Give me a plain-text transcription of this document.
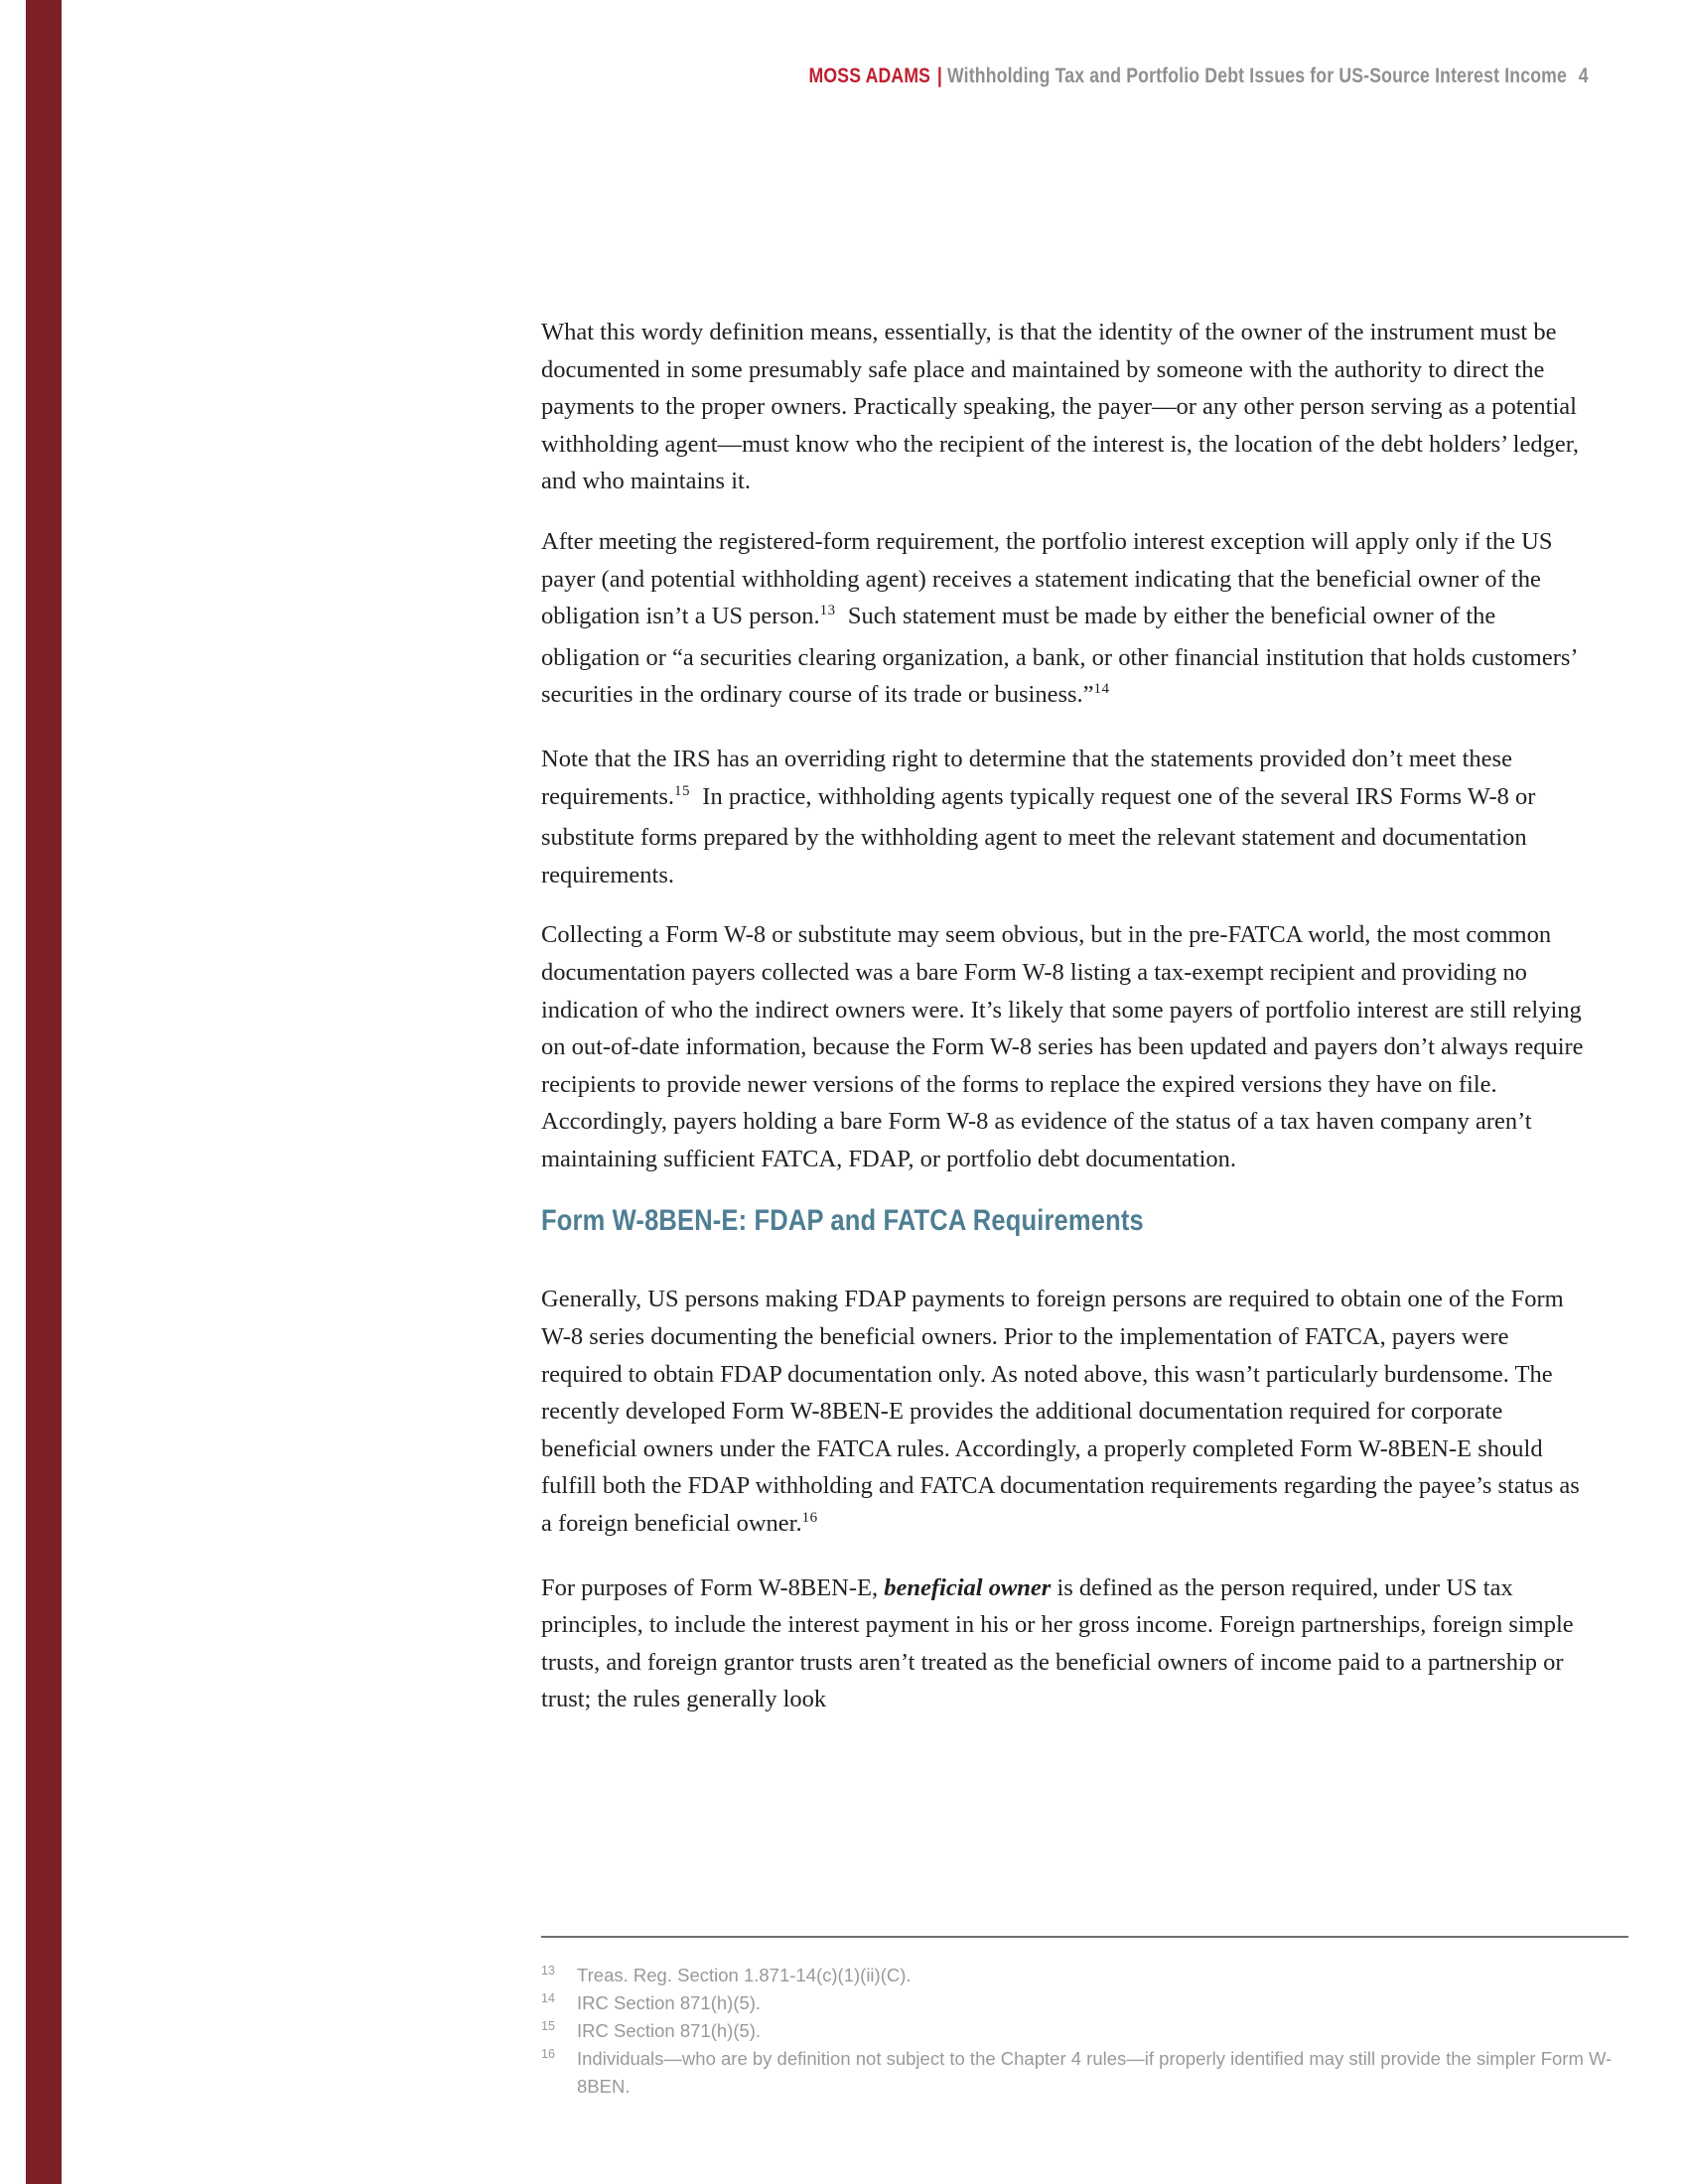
MOSS ADAMS | Withholding Tax and Portfolio Debt Issues for US-Source Interest Income 4
What this wordy definition means, essentially, is that the identity of the owner of the instrument must be documented in some presumably safe place and maintained by someone with the authority to direct the payments to the proper owners. Practically speaking, the payer—or any other person serving as a potential withholding agent—must know who the recipient of the interest is, the location of the debt holders’ ledger, and who maintains it.
After meeting the registered-form requirement, the portfolio interest exception will apply only if the US payer (and potential withholding agent) receives a statement indicating that the beneficial owner of the obligation isn’t a US person.$^{13}$ Such statement must be made by either the beneficial owner of the obligation or “a securities clearing organization, a bank, or other financial institution that holds customers’ securities in the ordinary course of its trade or business.”$^{14}$
Note that the IRS has an overriding right to determine that the statements provided don’t meet these requirements.$^{15}$ In practice, withholding agents typically request one of the several IRS Forms W-8 or substitute forms prepared by the withholding agent to meet the relevant statement and documentation requirements.
Collecting a Form W-8 or substitute may seem obvious, but in the pre-FATCA world, the most common documentation payers collected was a bare Form W-8 listing a tax-exempt recipient and providing no indication of who the indirect owners were. It’s likely that some payers of portfolio interest are still relying on out-of-date information, because the Form W-8 series has been updated and payers don’t always require recipients to provide newer versions of the forms to replace the expired versions they have on file. Accordingly, payers holding a bare Form W-8 as evidence of the status of a tax haven company aren’t maintaining sufficient FATCA, FDAP, or portfolio debt documentation.
Form W-8BEN-E: FDAP and FATCA Requirements
Generally, US persons making FDAP payments to foreign persons are required to obtain one of the Form W-8 series documenting the beneficial owners. Prior to the implementation of FATCA, payers were required to obtain FDAP documentation only. As noted above, this wasn’t particularly burdensome. The recently developed Form W-8BEN-E provides the additional documentation required for corporate beneficial owners under the FATCA rules. Accordingly, a properly completed Form W-8BEN-E should fulfill both the FDAP withholding and FATCA documentation requirements regarding the payee’s status as a foreign beneficial owner.$^{16}$
For purposes of Form W-8BEN-E, beneficial owner is defined as the person required, under US tax principles, to include the interest payment in his or her gross income. Foreign partnerships, foreign simple trusts, and foreign grantor trusts aren’t treated as the beneficial owners of income paid to a partnership or trust; the rules generally look
13 Treas. Reg. Section 1.871-14(c)(1)(ii)(C).
14 IRC Section 871(h)(5).
15 IRC Section 871(h)(5).
16 Individuals—who are by definition not subject to the Chapter 4 rules—if properly identified may still provide the simpler Form W-8BEN.
